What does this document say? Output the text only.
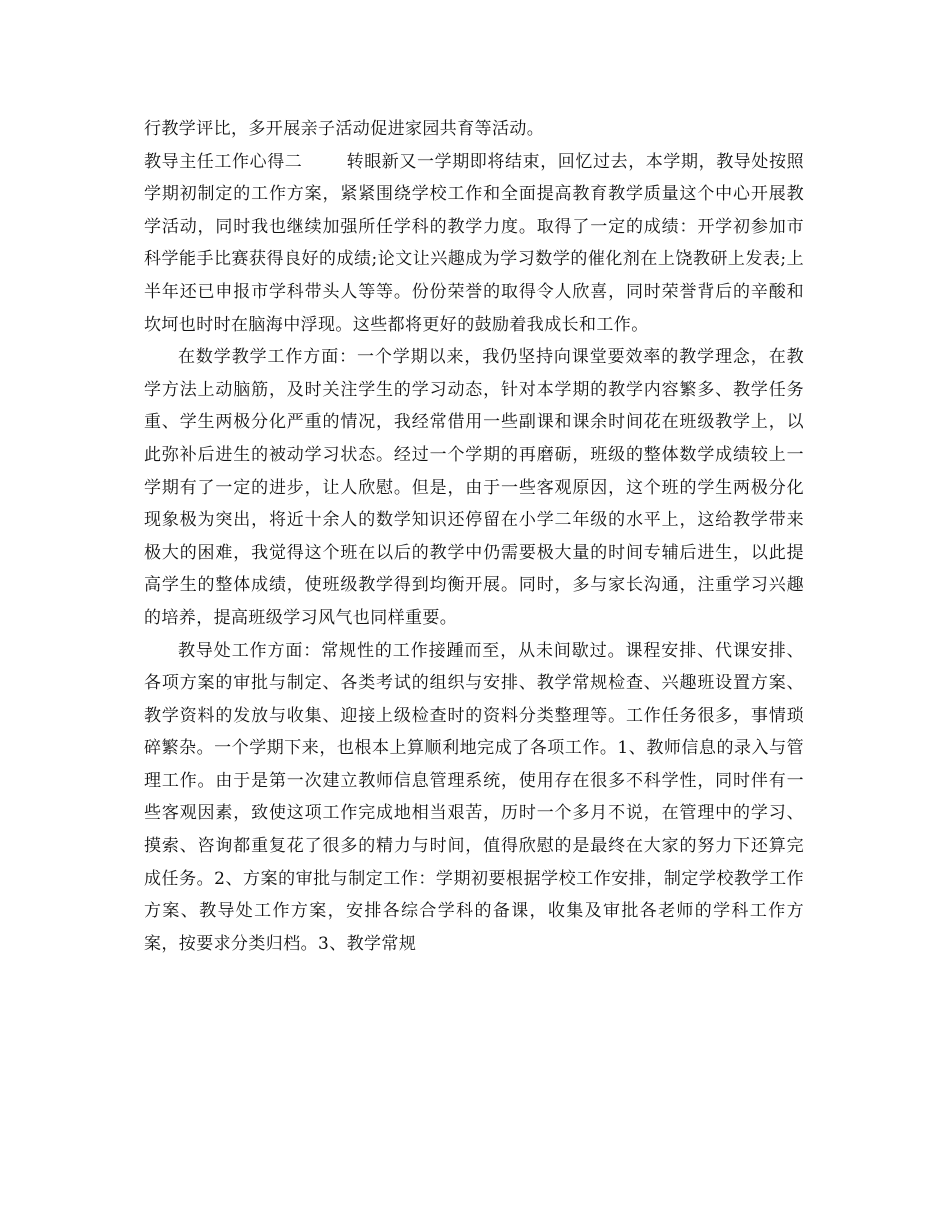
行教学评比，多开展亲子活动促进家园共育等活动。

教导主任工作心得二	转眼新又一学期即将结束，回忆过去，本学期，教导处按照学期初制定的工作方案，紧紧围绕学校工作和全面提高教育教学质量这个中心开展教学活动，同时我也继续加强所任学科的教学力度。取得了一定的成绩：开学初参加市科学能手比赛获得良好的成绩;论文让兴趣成为学习数学的催化剂在上饶教研上发表;上半年还已申报市学科带头人等等。份份荣誉的取得令人欣喜，同时荣誉背后的辛酸和坎坷也时时在脑海中浮现。这些都将更好的鼓励着我成长和工作。

在数学教学工作方面：一个学期以来，我仍坚持向课堂要效率的教学理念，在教学方法上动脑筋，及时关注学生的学习动态，针对本学期的教学内容繁多、教学任务重、学生两极分化严重的情况，我经常借用一些副课和课余时间花在班级教学上，以此弥补后进生的被动学习状态。经过一个学期的再磨砺，班级的整体数学成绩较上一学期有了一定的进步，让人欣慰。但是，由于一些客观原因，这个班的学生两极分化现象极为突出，将近十余人的数学知识还停留在小学二年级的水平上，这给教学带来极大的困难，我觉得这个班在以后的教学中仍需要极大量的时间专辅后进生，以此提高学生的整体成绩，使班级教学得到均衡开展。同时，多与家长沟通，注重学习兴趣的培养，提高班级学习风气也同样重要。

教导处工作方面：常规性的工作接踵而至，从未间歇过。课程安排、代课安排、各项方案的审批与制定、各类考试的组织与安排、教学常规检查、兴趣班设置方案、教学资料的发放与收集、迎接上级检查时的资料分类整理等。工作任务很多，事情琐碎繁杂。一个学期下来，也根本上算顺利地完成了各项工作。1、教师信息的录入与管理工作。由于是第一次建立教师信息管理系统，使用存在很多不科学性，同时伴有一些客观因素，致使这项工作完成地相当艰苦，历时一个多月不说，在管理中的学习、摸索、咨询都重复花了很多的精力与时间，值得欣慰的是最终在大家的努力下还算完成任务。2、方案的审批与制定工作：学期初要根据学校工作安排，制定学校教学工作方案、教导处工作方案，安排各综合学科的备课，收集及审批各老师的学科工作方案，按要求分类归档。3、教学常规
